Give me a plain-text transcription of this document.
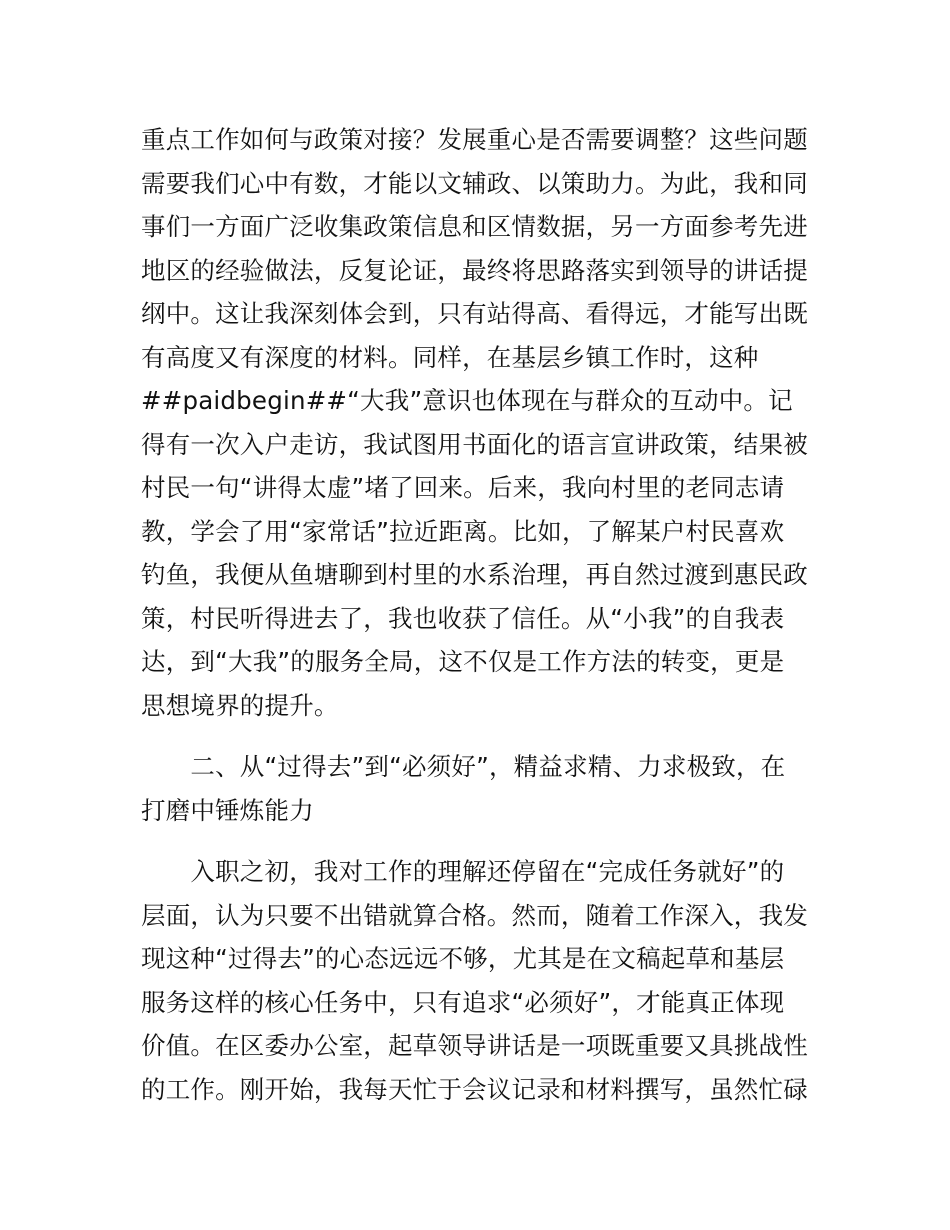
重点工作如何与政策对接？发展重心是否需要调整？这些问题
需要我们心中有数，才能以文辅政、以策助力。为此，我和同
事们一方面广泛收集政策信息和区情数据，另一方面参考先进
地区的经验做法，反复论证，最终将思路落实到领导的讲话提
纲中。这让我深刻体会到，只有站得高、看得远，才能写出既
有高度又有深度的材料。同样，在基层乡镇工作时，这种
##paidbegin##“大我”意识也体现在与群众的互动中。记
得有一次入户走访，我试图用书面化的语言宣讲政策，结果被
村民一句“讲得太虚”堵了回来。后来，我向村里的老同志请
教，学会了用“家常话”拉近距离。比如，了解某户村民喜欢
钓鱼，我便从鱼塘聊到村里的水系治理，再自然过渡到惠民政
策，村民听得进去了，我也收获了信任。从“小我”的自我表
达，到“大我”的服务全局，这不仅是工作方法的转变，更是
思想境界的提升。
　　二、从“过得去”到“必须好”，精益求精、力求极致，在
打磨中锤炼能力
　　入职之初，我对工作的理解还停留在“完成任务就好”的
层面，认为只要不出错就算合格。然而，随着工作深入，我发
现这种“过得去”的心态远远不够，尤其是在文稿起草和基层
服务这样的核心任务中，只有追求“必须好”，才能真正体现
价值。在区委办公室，起草领导讲话是一项既重要又具挑战性
的工作。刚开始，我每天忙于会议记录和材料撰写，虽然忙碌
